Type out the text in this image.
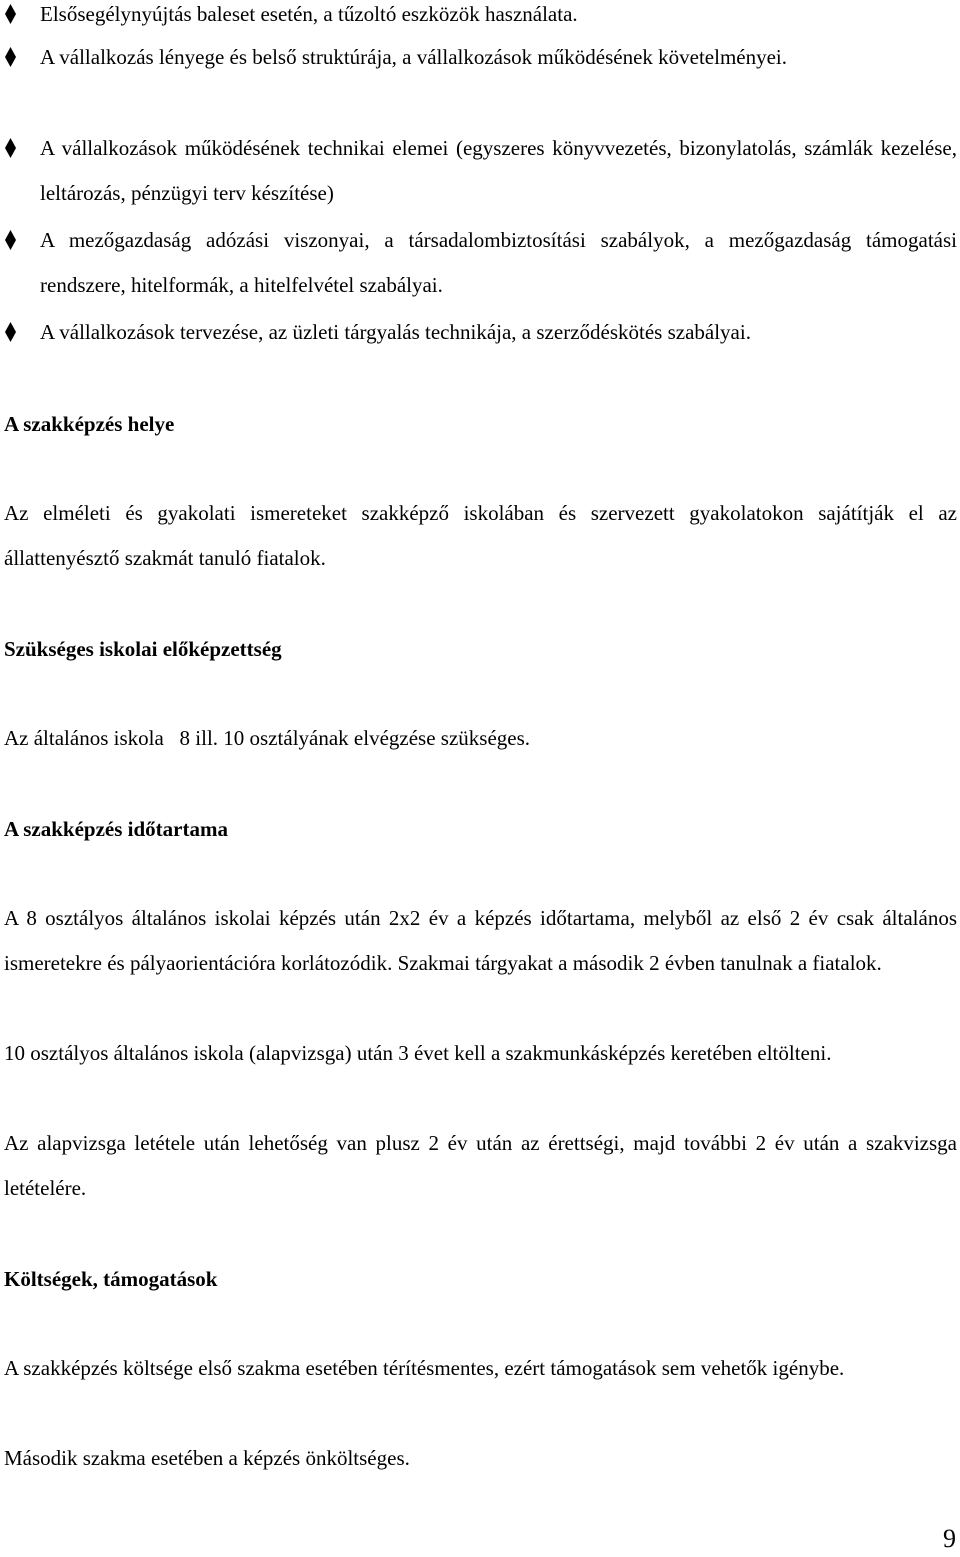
Elsősegélynyújtás baleset esetén, a tűzoltó eszközök használata.

A vállalkozás lényege és belső struktúrája, a vállalkozások működésének követelményei.

A vállalkozások működésének technikai elemei (egyszeres könyvvezetés, bizonylatolás, számlák kezelése, leltározás, pénzügyi terv készítése)

A mezőgazdaság adózási viszonyai, a társadalombiztosítási szabályok, a mezőgazdaság támogatási rendszere, hitelformák, a hitelfelvétel szabályai.

A vállalkozások tervezése, az üzleti tárgyalás technikája, a szerződéskötés szabályai.

A szakképzés helye

Az elméleti és gyakolati ismereteket szakképző iskolában és szervezett gyakolatokon sajátítják el az állattenyésztő szakmát tanuló fiatalok.

Szükséges iskolai előképzettség

Az általános iskola   8 ill. 10 osztályának elvégzése szükséges.

A szakképzés időtartama

A 8 osztályos általános iskolai képzés után 2x2 év a képzés időtartama, melyből az első 2 év csak általános ismeretekre és pályaorientációra korlátozódik. Szakmai tárgyakat a második 2 évben tanulnak a fiatalok.

10 osztályos általános iskola (alapvizsga) után 3 évet kell a szakmunkásképzés keretében eltölteni.

Az alapvizsga letétele után lehetőség van plusz 2 év után az érettségi, majd további 2 év után a szakvizsga letételére.

Költségek, támogatások

A szakképzés költsége első szakma esetében térítésmentes, ezért támogatások sem vehetők igénybe.

Második szakma esetében a képzés önköltséges.

9
